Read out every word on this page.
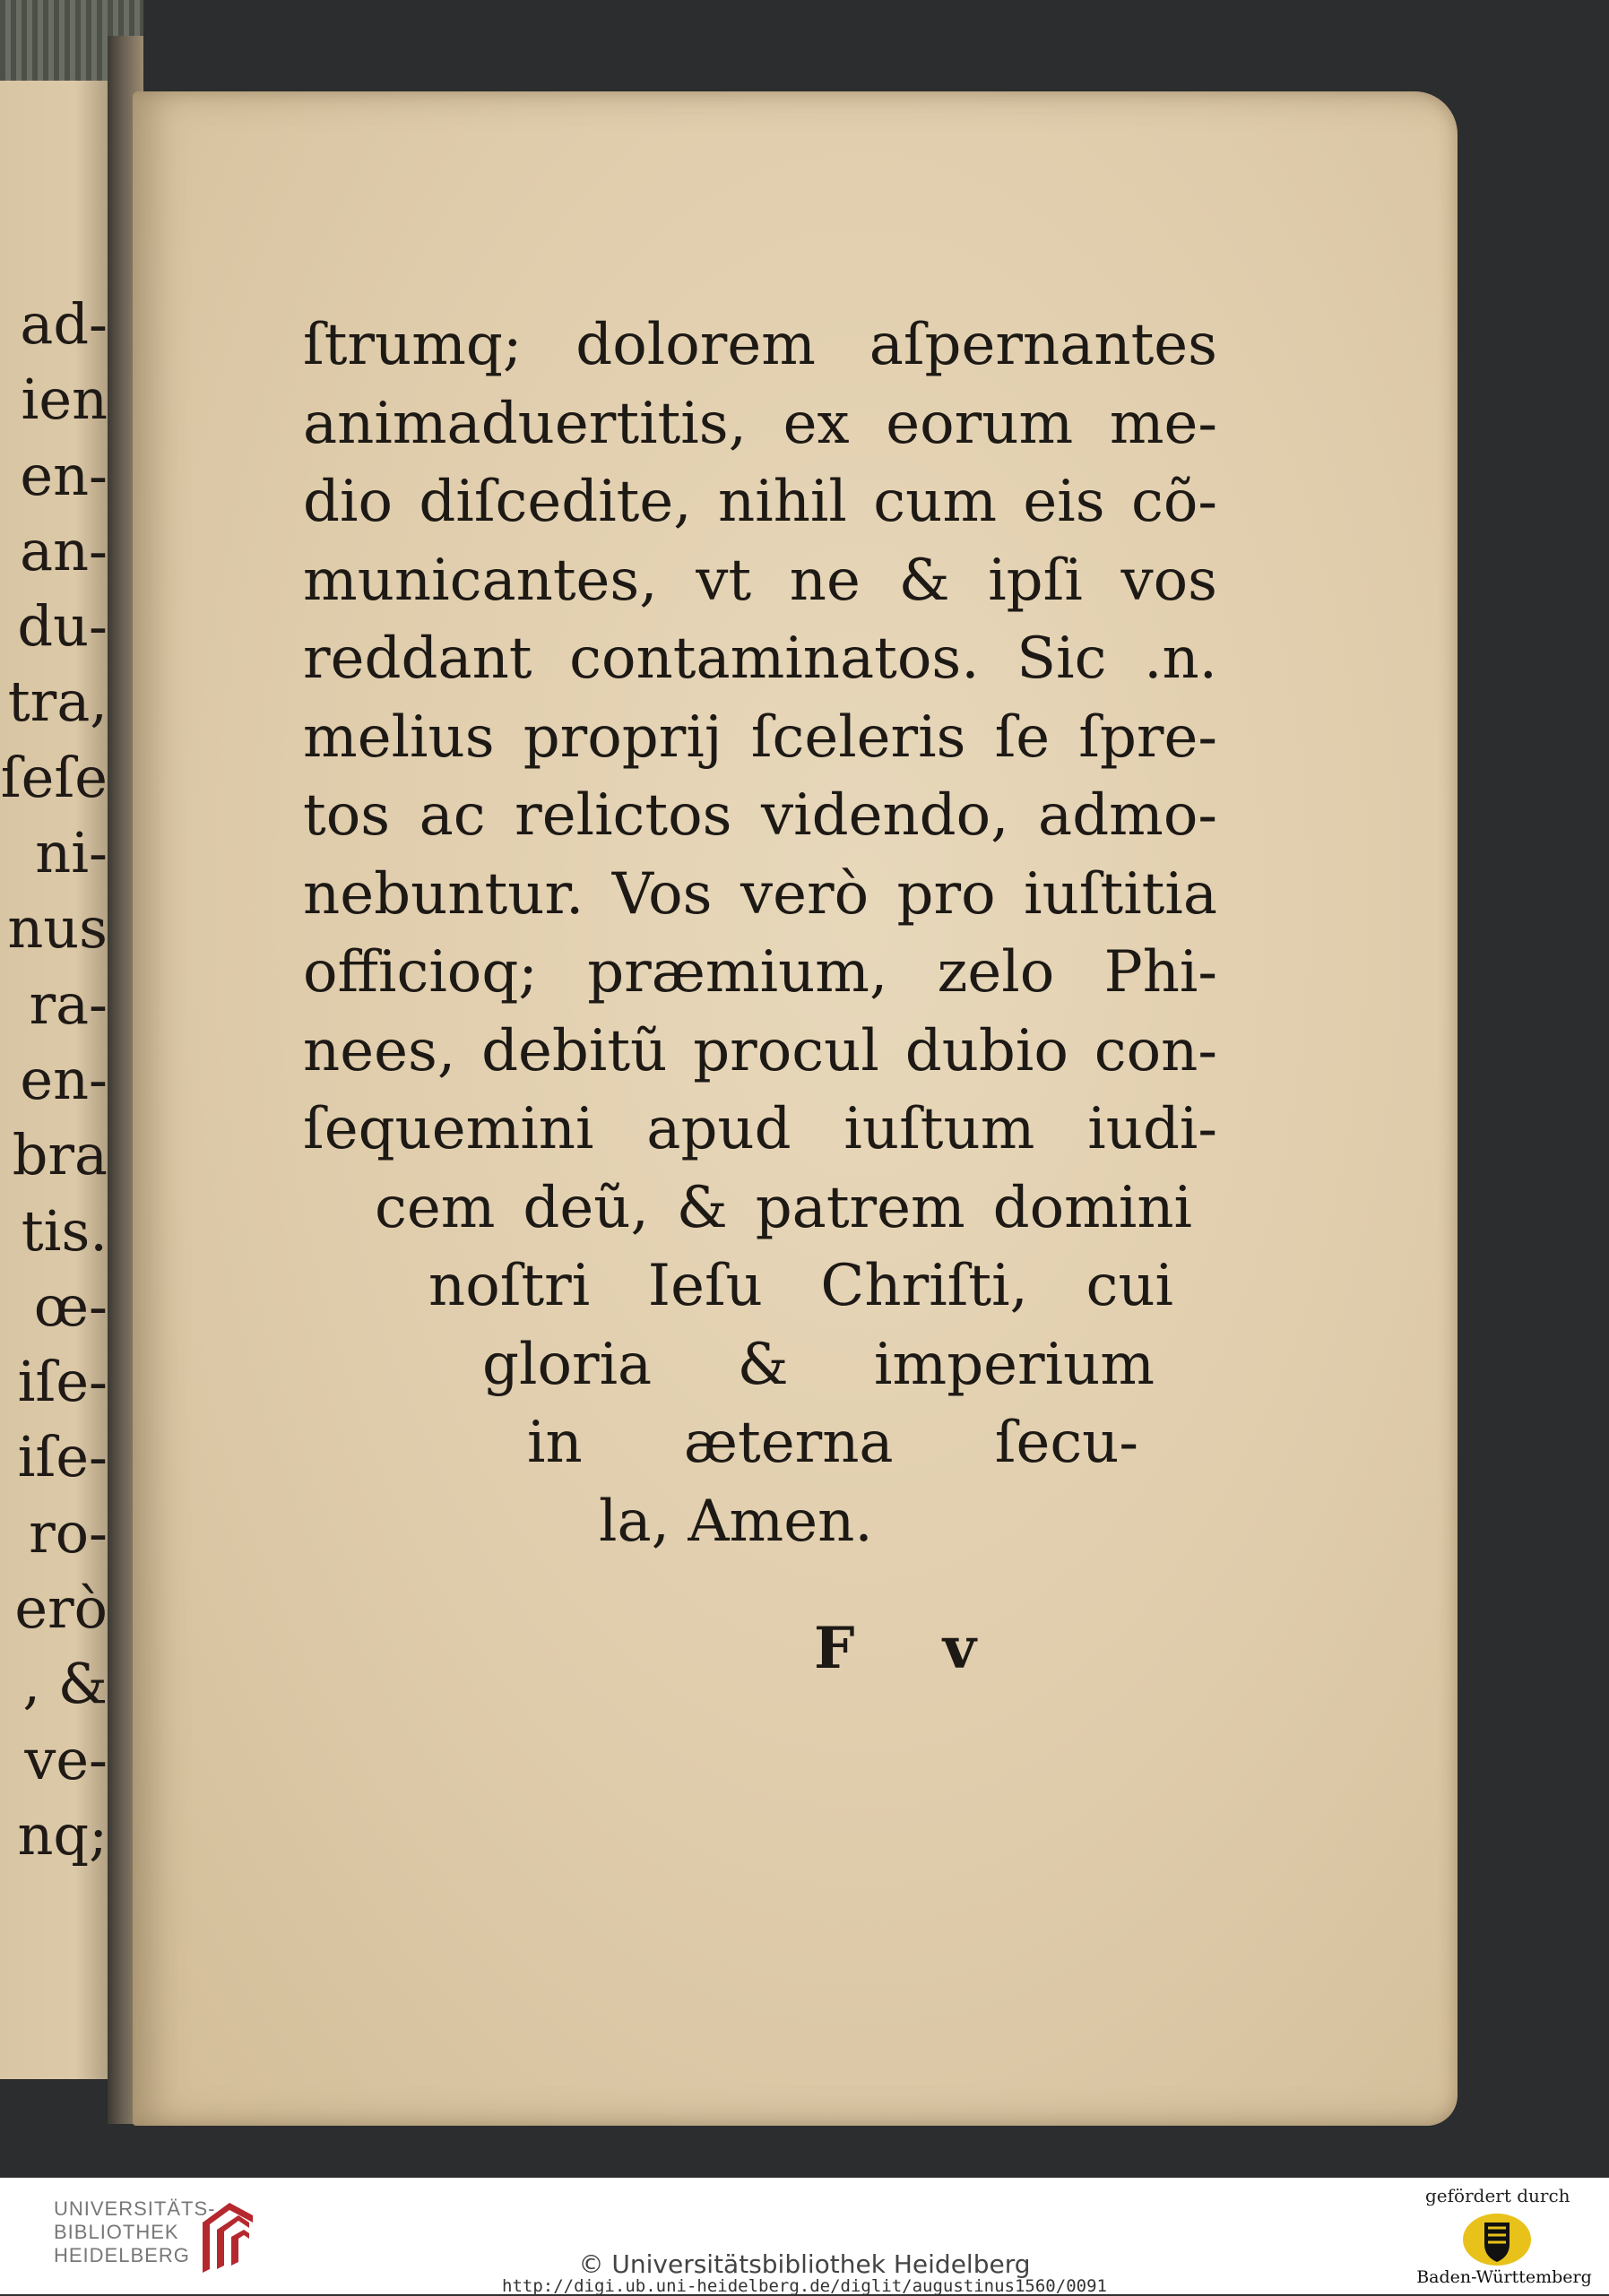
ad-
ien
en-
an-
du-
tra,
ſeſe
ni-
nus
ra-
en-
bra
tis.
œ-
iſe-
iſe-
ro-
erò
, &
ve-
nq;
ſtrumq; dolorem aſpernantes
animaduertitis, ex eorum me-
dio diſcedite, nihil cum eis cõ-
municantes, vt ne & ipſi vos
reddant contaminatos. Sic .n.
melius proprij ſceleris ſe ſpre-
tos ac relictos videndo, admo-
nebuntur. Vos verò pro iuſtitia
officioq; præmium, zelo Phi-
nees, debitũ procul dubio con-
ſequemini apud iuſtum iudi-
cem deũ, & patrem domini
noſtri Ieſu Chriſti, cui
gloria & imperium
in æterna ſecu-
la, Amen.
F v
UNIVERSITÄTS-
BIBLIOTHEK
HEIDELBERG	© Universitätsbibliothek Heidelberg
http://digi.ub.uni-heidelberg.de/diglit/augustinus1560/0091
gefördert durch
Baden-Württemberg
